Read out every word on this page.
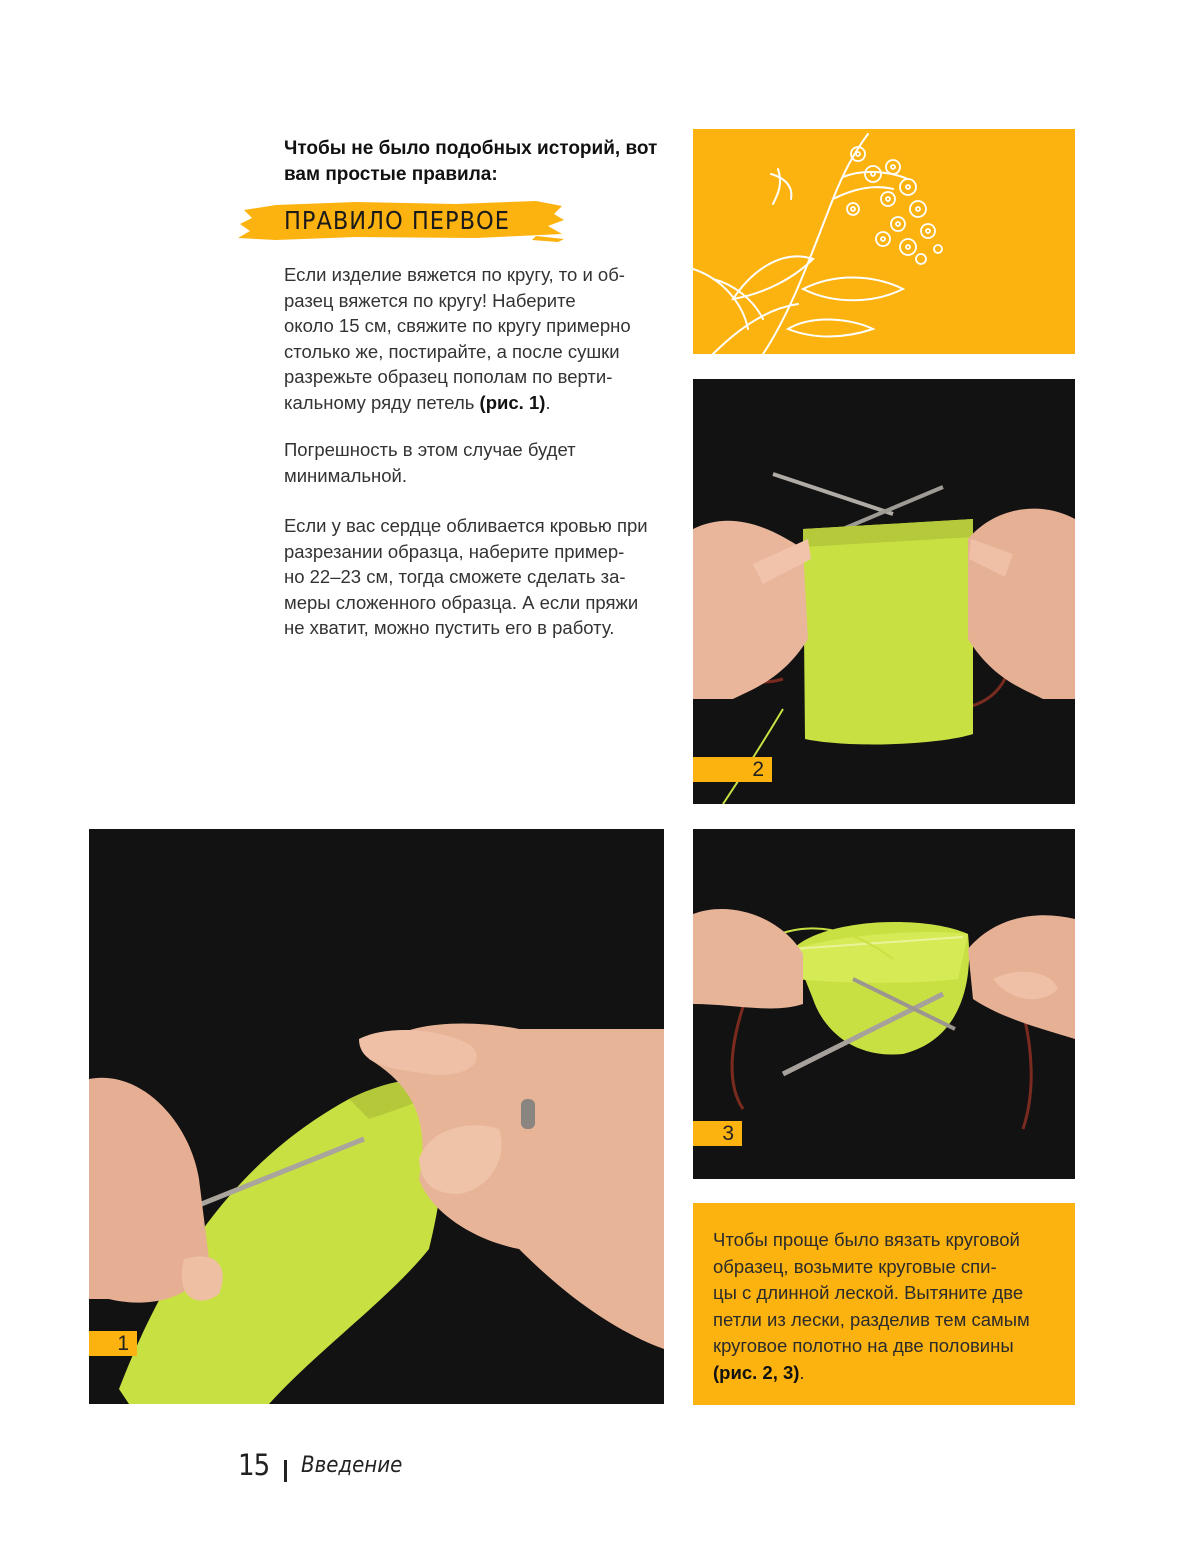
Чтобы не было подобных историй, вот
вам простые правила:
ПРАВИЛО ПЕРВОЕ
Если изделие вяжется по кругу, то и об-
разец вяжется по кругу! Наберите
около 15 см, свяжите по кругу примерно
столько же, постирайте, а после сушки
разрежьте образец пополам по верти-
кальному ряду петель (рис. 1).
Погрешность в этом случае будет
минимальной.
Если у вас сердце обливается кровью при
разрезании образца, наберите пример-
но 22–23 см, тогда сможете сделать за-
меры сложенного образца. А если пряжи
не хватит, можно пустить его в работу.
2
1
3
Чтобы проще было вязать круговой
образец, возьмите круговые спи-
цы с длинной леской. Вытяните две
петли из лески, разделив тем самым
круговое полотно на две половины
(рис. 2, 3).
15 Введение
